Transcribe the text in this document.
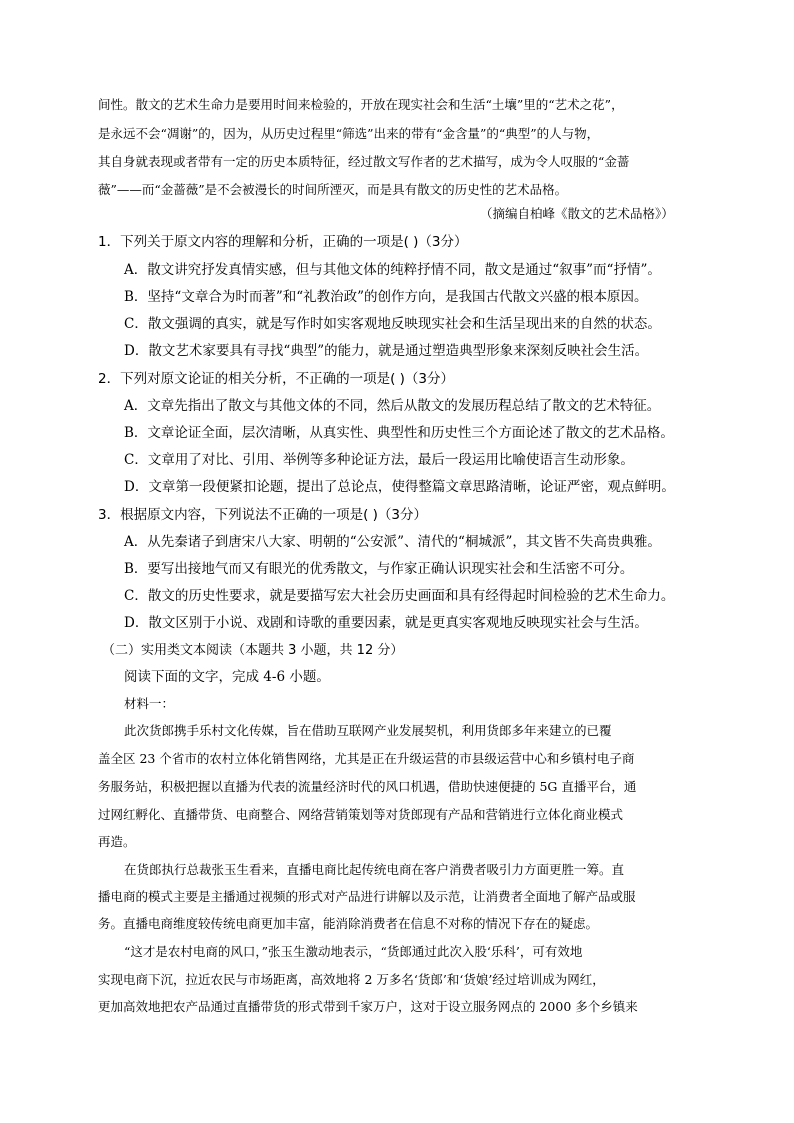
间性。散文的艺术生命力是要用时间来检验的，开放在现实社会和生活“土壤”里的“艺术之花”，
是永远不会“凋谢”的，因为，从历史过程里“筛选”出来的带有“金含量”的“典型”的人与物，
其自身就表现或者带有一定的历史本质特征，经过散文写作者的艺术描写，成为令人叹服的“金蔷
薇”——而“金蔷薇”是不会被漫长的时间所湮灭，而是具有散文的历史性的艺术品格。
（摘编自柏峰《散文的艺术品格》）
1．下列关于原文内容的理解和分析，正确的一项是( )（3分）
A．散文讲究抒发真情实感，但与其他文体的纯粹抒情不同，散文是通过“叙事”而“抒情”。
B．坚持“文章合为时而著”和“礼教治政”的创作方向，是我国古代散文兴盛的根本原因。
C．散文强调的真实，就是写作时如实客观地反映现实社会和生活呈现出来的自然的状态。
D．散文艺术家要具有寻找“典型”的能力，就是通过塑造典型形象来深刻反映社会生活。
2．下列对原文论证的相关分析，不正确的一项是( )（3分）
A．文章先指出了散文与其他文体的不同，然后从散文的发展历程总结了散文的艺术特征。
B．文章论证全面，层次清晰，从真实性、典型性和历史性三个方面论述了散文的艺术品格。
C．文章用了对比、引用、举例等多种论证方法，最后一段运用比喻使语言生动形象。
D．文章第一段便紧扣论题，提出了总论点，使得整篇文章思路清晰，论证严密，观点鲜明。
3．根据原文内容，下列说法不正确的一项是( )（3分）
A．从先秦诸子到唐宋八大家、明朝的“公安派”、清代的“桐城派”，其文皆不失高贵典雅。
B．要写出接地气而又有眼光的优秀散文，与作家正确认识现实社会和生活密不可分。
C．散文的历史性要求，就是要描写宏大社会历史画面和具有经得起时间检验的艺术生命力。
D．散文区别于小说、戏剧和诗歌的重要因素，就是更真实客观地反映现实社会与生活。
（二）实用类文本阅读（本题共 3 小题，共 12 分）
阅读下面的文字，完成 4-6 小题。
材料一：
此次货郎携手乐村文化传媒，旨在借助互联网产业发展契机，利用货郎多年来建立的已覆
盖全区 23 个省市的农村立体化销售网络，尤其是正在升级运营的市县级运营中心和乡镇村电子商
务服务站，积极把握以直播为代表的流量经济时代的风口机遇，借助快速便捷的 5G 直播平台，通
过网红孵化、直播带货、电商整合、网络营销策划等对货郎现有产品和营销进行立体化商业模式
再造。
在货郎执行总裁张玉生看来，直播电商比起传统电商在客户消费者吸引力方面更胜一筹。直
播电商的模式主要是主播通过视频的形式对产品进行讲解以及示范，让消费者全面地了解产品或服
务。直播电商维度较传统电商更加丰富，能消除消费者在信息不对称的情况下存在的疑虑。
“这才是农村电商的风口，”张玉生激动地表示，“货郎通过此次入股‘乐科’，可有效地
实现电商下沉，拉近农民与市场距离，高效地将 2 万多名‘货郎’和‘货娘’经过培训成为网红，
更加高效地把农产品通过直播带货的形式带到千家万户，这对于设立服务网点的 2000 多个乡镇来
